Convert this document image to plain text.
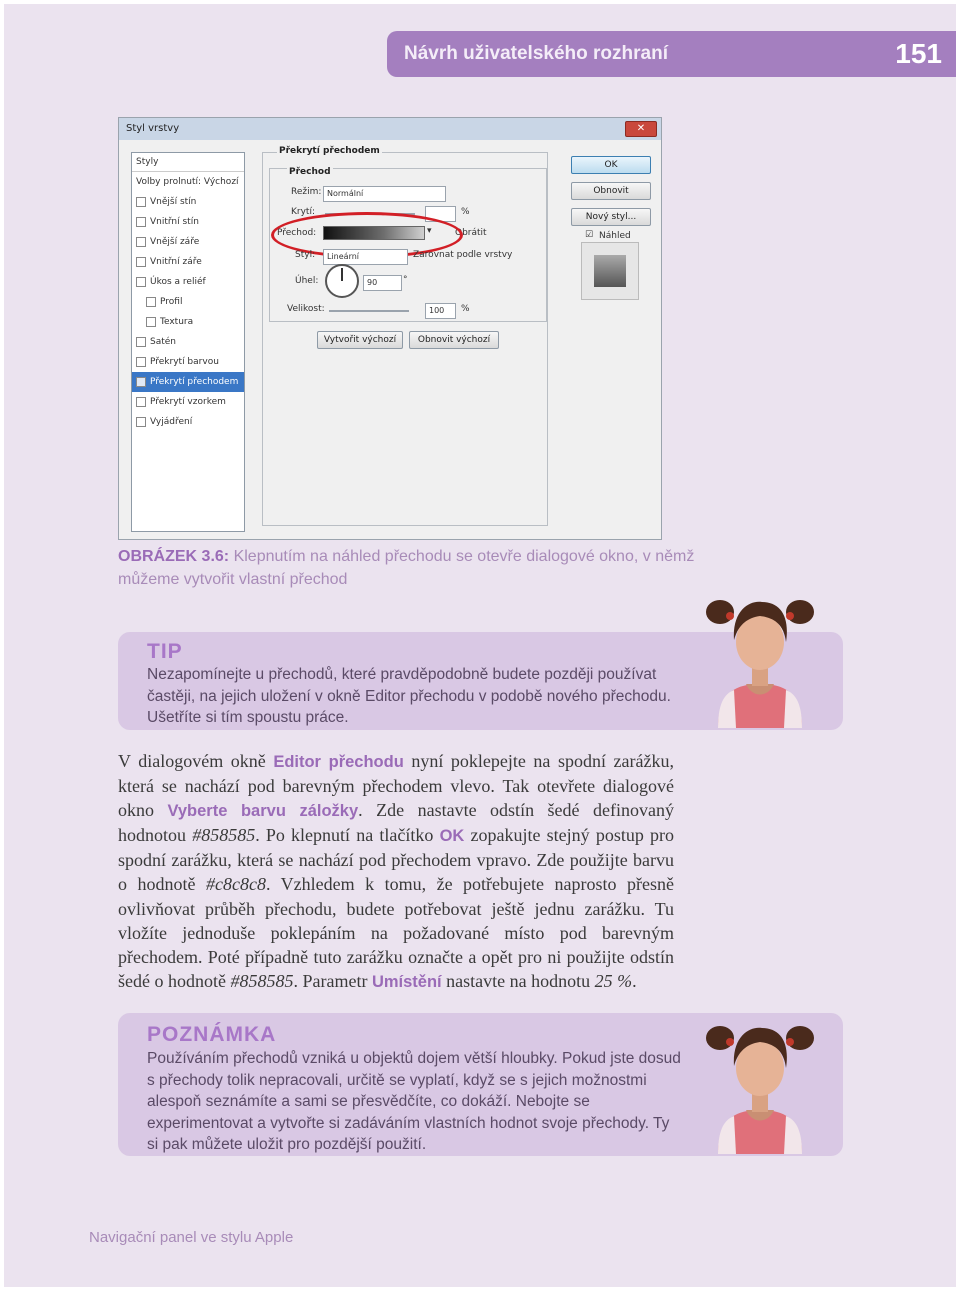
Návrh uživatelského rozhraní	151
Styl vrstvy	✕
Styly
Volby prolnutí: Výchozí
Vnější stín
Vnitřní stín
Vnější záře
Vnitřní záře
Úkos a reliéf
Profil
Textura
Satén
Překrytí barvou
Překrytí přechodem
Překrytí vzorkem
Vyjádření
Překrytí přechodem
Přechod
Režim: Normální
Krytí:	%
Přechod:	▾	Obrátit
Styl:	Lineární	Zarovnat podle vrstvy
Úhel:	90	°
Velikost:	100	%
Vytvořit výchozí	Obnovit výchozí
OK
Obnovit
Nový styl...
☑ Náhled
OBRÁZEK 3.6: Klepnutím na náhled přechodu se otevře dialogové okno, v němž můžeme vytvořit vlastní přechod
TIP
Nezapomínejte u přechodů, které pravděpodobně budete později používat častěji, na jejich uložení v okně Editor přechodu v podobě nového přechodu. Ušetříte si tím spoustu práce.

V dialogovém okně Editor přechodu nyní poklepejte na spodní zarážku, která se nachází pod barevným přechodem vlevo. Tak otevřete dialogové okno Vyberte barvu záložky. Zde nastavte odstín šedé definovaný hodnotou #858585. Po klepnutí na tlačítko OK zopakujte stejný postup pro spodní zarážku, která se nachází pod přechodem vpravo. Zde použijte barvu o hodnotě #c8c8c8. Vzhledem k tomu, že potřebujete naprosto přesně ovlivňovat průběh přechodu, budete potřebovat ještě jednu zarážku. Tu vložíte jednoduše poklepáním na požadované místo pod barevným přechodem. Poté případně tuto zarážku označte a opět pro ni použijte odstín šedé o hodnotě #858585. Parametr Umístění nastavte na hodnotu 25 %.

POZNÁMKA
Používáním přechodů vzniká u objektů dojem větší hloubky. Pokud jste dosud s přechody tolik nepracovali, určitě se vyplatí, když se s jejich možnostmi alespoň seznámíte a sami se přesvědčíte, co dokáží. Nebojte se experimentovat a vytvořte si zadáváním vlastních hodnot svoje přechody. Ty si pak můžete uložit pro pozdější použití.
Navigační panel ve stylu Apple
